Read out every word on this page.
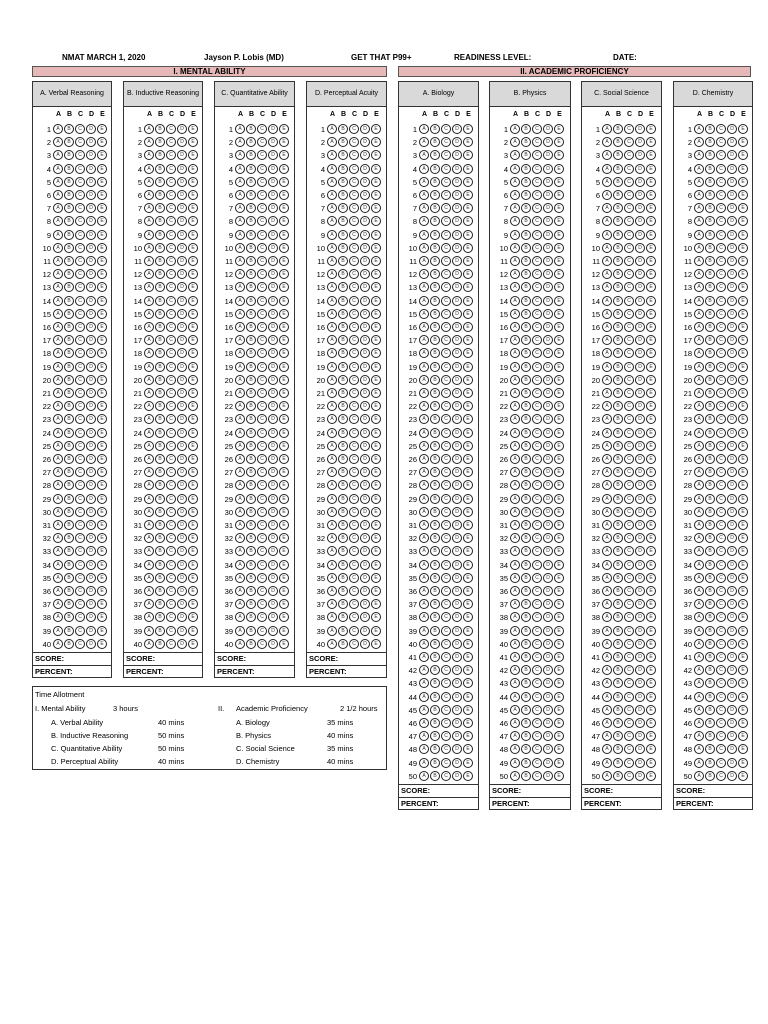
NMAT MARCH 1, 2020	Jayson P. Lobis (MD)	GET THAT P99+	READINESS LEVEL:	DATE:
I. MENTAL ABILITY	II. ACADEMIC PROFICIENCY
A. Verbal Reasoning
A B C D E
1	A	B	C	D	E
2	A	B	C	D	E
3	A	B	C	D	E
4	A	B	C	D	E
5	A	B	C	D	E
6	A	B	C	D	E
7	A	B	C	D	E
8	A	B	C	D	E
9	A	B	C	D	E
10	A	B	C	D	E
11	A	B	C	D	E
12	A	B	C	D	E
13	A	B	C	D	E
14	A	B	C	D	E
15	A	B	C	D	E
16	A	B	C	D	E
17	A	B	C	D	E
18	A	B	C	D	E
19	A	B	C	D	E
20	A	B	C	D	E
21	A	B	C	D	E
22	A	B	C	D	E
23	A	B	C	D	E
24	A	B	C	D	E
25	A	B	C	D	E
26	A	B	C	D	E
27	A	B	C	D	E
28	A	B	C	D	E
29	A	B	C	D	E
30	A	B	C	D	E
31	A	B	C	D	E
32	A	B	C	D	E
33	A	B	C	D	E
34	A	B	C	D	E
35	A	B	C	D	E
36	A	B	C	D	E
37	A	B	C	D	E
38	A	B	C	D	E
39	A	B	C	D	E
40	A	B	C	D	E
SCORE:
PERCENT:
B. Inductive Reasoning
A B C D E
1	A	B	C	D	E
2	A	B	C	D	E
3	A	B	C	D	E
4	A	B	C	D	E
5	A	B	C	D	E
6	A	B	C	D	E
7	A	B	C	D	E
8	A	B	C	D	E
9	A	B	C	D	E
10	A	B	C	D	E
11	A	B	C	D	E
12	A	B	C	D	E
13	A	B	C	D	E
14	A	B	C	D	E
15	A	B	C	D	E
16	A	B	C	D	E
17	A	B	C	D	E
18	A	B	C	D	E
19	A	B	C	D	E
20	A	B	C	D	E
21	A	B	C	D	E
22	A	B	C	D	E
23	A	B	C	D	E
24	A	B	C	D	E
25	A	B	C	D	E
26	A	B	C	D	E
27	A	B	C	D	E
28	A	B	C	D	E
29	A	B	C	D	E
30	A	B	C	D	E
31	A	B	C	D	E
32	A	B	C	D	E
33	A	B	C	D	E
34	A	B	C	D	E
35	A	B	C	D	E
36	A	B	C	D	E
37	A	B	C	D	E
38	A	B	C	D	E
39	A	B	C	D	E
40	A	B	C	D	E
SCORE:
PERCENT:
C. Quantitative Ability
A B C D E
1	A	B	C	D	E
2	A	B	C	D	E
3	A	B	C	D	E
4	A	B	C	D	E
5	A	B	C	D	E
6	A	B	C	D	E
7	A	B	C	D	E
8	A	B	C	D	E
9	A	B	C	D	E
10	A	B	C	D	E
11	A	B	C	D	E
12	A	B	C	D	E
13	A	B	C	D	E
14	A	B	C	D	E
15	A	B	C	D	E
16	A	B	C	D	E
17	A	B	C	D	E
18	A	B	C	D	E
19	A	B	C	D	E
20	A	B	C	D	E
21	A	B	C	D	E
22	A	B	C	D	E
23	A	B	C	D	E
24	A	B	C	D	E
25	A	B	C	D	E
26	A	B	C	D	E
27	A	B	C	D	E
28	A	B	C	D	E
29	A	B	C	D	E
30	A	B	C	D	E
31	A	B	C	D	E
32	A	B	C	D	E
33	A	B	C	D	E
34	A	B	C	D	E
35	A	B	C	D	E
36	A	B	C	D	E
37	A	B	C	D	E
38	A	B	C	D	E
39	A	B	C	D	E
40	A	B	C	D	E
SCORE:
PERCENT:
D. Perceptual Acuity
A B C D E
1	A	B	C	D	E
2	A	B	C	D	E
3	A	B	C	D	E
4	A	B	C	D	E
5	A	B	C	D	E
6	A	B	C	D	E
7	A	B	C	D	E
8	A	B	C	D	E
9	A	B	C	D	E
10	A	B	C	D	E
11	A	B	C	D	E
12	A	B	C	D	E
13	A	B	C	D	E
14	A	B	C	D	E
15	A	B	C	D	E
16	A	B	C	D	E
17	A	B	C	D	E
18	A	B	C	D	E
19	A	B	C	D	E
20	A	B	C	D	E
21	A	B	C	D	E
22	A	B	C	D	E
23	A	B	C	D	E
24	A	B	C	D	E
25	A	B	C	D	E
26	A	B	C	D	E
27	A	B	C	D	E
28	A	B	C	D	E
29	A	B	C	D	E
30	A	B	C	D	E
31	A	B	C	D	E
32	A	B	C	D	E
33	A	B	C	D	E
34	A	B	C	D	E
35	A	B	C	D	E
36	A	B	C	D	E
37	A	B	C	D	E
38	A	B	C	D	E
39	A	B	C	D	E
40	A	B	C	D	E
SCORE:
PERCENT:
A. Biology
A B C D E
1	A	B	C	D	E
2	A	B	C	D	E
3	A	B	C	D	E
4	A	B	C	D	E
5	A	B	C	D	E
6	A	B	C	D	E
7	A	B	C	D	E
8	A	B	C	D	E
9	A	B	C	D	E
10	A	B	C	D	E
11	A	B	C	D	E
12	A	B	C	D	E
13	A	B	C	D	E
14	A	B	C	D	E
15	A	B	C	D	E
16	A	B	C	D	E
17	A	B	C	D	E
18	A	B	C	D	E
19	A	B	C	D	E
20	A	B	C	D	E
21	A	B	C	D	E
22	A	B	C	D	E
23	A	B	C	D	E
24	A	B	C	D	E
25	A	B	C	D	E
26	A	B	C	D	E
27	A	B	C	D	E
28	A	B	C	D	E
29	A	B	C	D	E
30	A	B	C	D	E
31	A	B	C	D	E
32	A	B	C	D	E
33	A	B	C	D	E
34	A	B	C	D	E
35	A	B	C	D	E
36	A	B	C	D	E
37	A	B	C	D	E
38	A	B	C	D	E
39	A	B	C	D	E
40	A	B	C	D	E
41	A	B	C	D	E
42	A	B	C	D	E
43	A	B	C	D	E
44	A	B	C	D	E
45	A	B	C	D	E
46	A	B	C	D	E
47	A	B	C	D	E
48	A	B	C	D	E
49	A	B	C	D	E
50	A	B	C	D	E
SCORE:
PERCENT:
B. Physics
A B C D E
1	A	B	C	D	E
2	A	B	C	D	E
3	A	B	C	D	E
4	A	B	C	D	E
5	A	B	C	D	E
6	A	B	C	D	E
7	A	B	C	D	E
8	A	B	C	D	E
9	A	B	C	D	E
10	A	B	C	D	E
11	A	B	C	D	E
12	A	B	C	D	E
13	A	B	C	D	E
14	A	B	C	D	E
15	A	B	C	D	E
16	A	B	C	D	E
17	A	B	C	D	E
18	A	B	C	D	E
19	A	B	C	D	E
20	A	B	C	D	E
21	A	B	C	D	E
22	A	B	C	D	E
23	A	B	C	D	E
24	A	B	C	D	E
25	A	B	C	D	E
26	A	B	C	D	E
27	A	B	C	D	E
28	A	B	C	D	E
29	A	B	C	D	E
30	A	B	C	D	E
31	A	B	C	D	E
32	A	B	C	D	E
33	A	B	C	D	E
34	A	B	C	D	E
35	A	B	C	D	E
36	A	B	C	D	E
37	A	B	C	D	E
38	A	B	C	D	E
39	A	B	C	D	E
40	A	B	C	D	E
41	A	B	C	D	E
42	A	B	C	D	E
43	A	B	C	D	E
44	A	B	C	D	E
45	A	B	C	D	E
46	A	B	C	D	E
47	A	B	C	D	E
48	A	B	C	D	E
49	A	B	C	D	E
50	A	B	C	D	E
SCORE:
PERCENT:
C. Social Science
A B C D E
1	A	B	C	D	E
2	A	B	C	D	E
3	A	B	C	D	E
4	A	B	C	D	E
5	A	B	C	D	E
6	A	B	C	D	E
7	A	B	C	D	E
8	A	B	C	D	E
9	A	B	C	D	E
10	A	B	C	D	E
11	A	B	C	D	E
12	A	B	C	D	E
13	A	B	C	D	E
14	A	B	C	D	E
15	A	B	C	D	E
16	A	B	C	D	E
17	A	B	C	D	E
18	A	B	C	D	E
19	A	B	C	D	E
20	A	B	C	D	E
21	A	B	C	D	E
22	A	B	C	D	E
23	A	B	C	D	E
24	A	B	C	D	E
25	A	B	C	D	E
26	A	B	C	D	E
27	A	B	C	D	E
28	A	B	C	D	E
29	A	B	C	D	E
30	A	B	C	D	E
31	A	B	C	D	E
32	A	B	C	D	E
33	A	B	C	D	E
34	A	B	C	D	E
35	A	B	C	D	E
36	A	B	C	D	E
37	A	B	C	D	E
38	A	B	C	D	E
39	A	B	C	D	E
40	A	B	C	D	E
41	A	B	C	D	E
42	A	B	C	D	E
43	A	B	C	D	E
44	A	B	C	D	E
45	A	B	C	D	E
46	A	B	C	D	E
47	A	B	C	D	E
48	A	B	C	D	E
49	A	B	C	D	E
50	A	B	C	D	E
SCORE:
PERCENT:
D. Chemistry
A B C D E
1	A	B	C	D	E
2	A	B	C	D	E
3	A	B	C	D	E
4	A	B	C	D	E
5	A	B	C	D	E
6	A	B	C	D	E
7	A	B	C	D	E
8	A	B	C	D	E
9	A	B	C	D	E
10	A	B	C	D	E
11	A	B	C	D	E
12	A	B	C	D	E
13	A	B	C	D	E
14	A	B	C	D	E
15	A	B	C	D	E
16	A	B	C	D	E
17	A	B	C	D	E
18	A	B	C	D	E
19	A	B	C	D	E
20	A	B	C	D	E
21	A	B	C	D	E
22	A	B	C	D	E
23	A	B	C	D	E
24	A	B	C	D	E
25	A	B	C	D	E
26	A	B	C	D	E
27	A	B	C	D	E
28	A	B	C	D	E
29	A	B	C	D	E
30	A	B	C	D	E
31	A	B	C	D	E
32	A	B	C	D	E
33	A	B	C	D	E
34	A	B	C	D	E
35	A	B	C	D	E
36	A	B	C	D	E
37	A	B	C	D	E
38	A	B	C	D	E
39	A	B	C	D	E
40	A	B	C	D	E
41	A	B	C	D	E
42	A	B	C	D	E
43	A	B	C	D	E
44	A	B	C	D	E
45	A	B	C	D	E
46	A	B	C	D	E
47	A	B	C	D	E
48	A	B	C	D	E
49	A	B	C	D	E
50	A	B	C	D	E
SCORE:
PERCENT:
Time Allotment
I. Mental Ability	3 hours
A. Verbal Ability	40 mins
B. Inductive Reasoning	50 mins
C. Quantitative Ability	50 mins
D. Perceptual Ability	40 mins
II. Academic Proficiency	2 1/2 hours
A. Biology	35 mins
B. Physics	40 mins
C. Social Science	35 mins
D. Chemistry	40 mins
